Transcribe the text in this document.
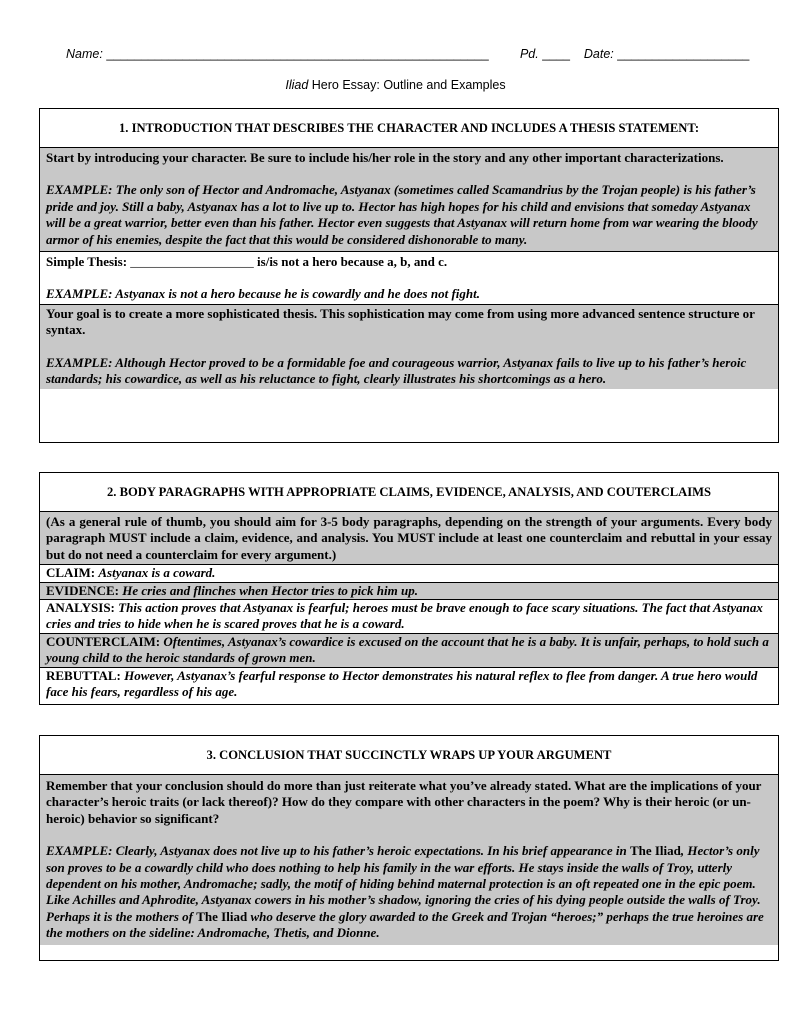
Name: _______________________________________________________	Pd. ____ Date: ___________________
Iliad Hero Essay: Outline and Examples
1. INTRODUCTION THAT DESCRIBES THE CHARACTER AND INCLUDES A THESIS STATEMENT:
Start by introducing your character. Be sure to include his/her role in the story and any other important characterizations.
EXAMPLE: The only son of Hector and Andromache, Astyanax (sometimes called Scamandrius by the Trojan people) is his father’s pride and joy. Still a baby, Astyanax has a lot to live up to. Hector has high hopes for his child and envisions that someday Astyanax will be a great warrior, better even than his father. Hector even suggests that Astyanax will return home from war wearing the bloody armor of his enemies, despite the fact that this would be considered dishonorable to many.
Simple Thesis: ___________________ is/is not a hero because a, b, and c.
EXAMPLE: Astyanax is not a hero because he is cowardly and he does not fight.
Your goal is to create a more sophisticated thesis. This sophistication may come from using more advanced sentence structure or syntax.
EXAMPLE: Although Hector proved to be a formidable foe and courageous warrior, Astyanax fails to live up to his father’s heroic standards; his cowardice, as well as his reluctance to fight, clearly illustrates his shortcomings as a hero.
2. BODY PARAGRAPHS WITH APPROPRIATE CLAIMS, EVIDENCE, ANALYSIS, AND COUTERCLAIMS
(As a general rule of thumb, you should aim for 3-5 body paragraphs, depending on the strength of your arguments. Every body paragraph MUST include a claim, evidence, and analysis. You MUST include at least one counterclaim and rebuttal in your essay but do not need a counterclaim for every argument.)
CLAIM: Astyanax is a coward.
EVIDENCE: He cries and flinches when Hector tries to pick him up.
ANALYSIS: This action proves that Astyanax is fearful; heroes must be brave enough to face scary situations. The fact that Astyanax cries and tries to hide when he is scared proves that he is a coward.
COUNTERCLAIM: Oftentimes, Astyanax’s cowardice is excused on the account that he is a baby. It is unfair, perhaps, to hold such a young child to the heroic standards of grown men.
REBUTTAL: However, Astyanax’s fearful response to Hector demonstrates his natural reflex to flee from danger. A true hero would face his fears, regardless of his age.
3. CONCLUSION THAT SUCCINCTLY WRAPS UP YOUR ARGUMENT
Remember that your conclusion should do more than just reiterate what you’ve already stated. What are the implications of your character’s heroic traits (or lack thereof)? How do they compare with other characters in the poem? Why is their heroic (or un-heroic) behavior so significant?
EXAMPLE: Clearly, Astyanax does not live up to his father’s heroic expectations. In his brief appearance in The Iliad, Hector’s only son proves to be a cowardly child who does nothing to help his family in the war efforts. He stays inside the walls of Troy, utterly dependent on his mother, Andromache; sadly, the motif of hiding behind maternal protection is an oft repeated one in the epic poem. Like Achilles and Aphrodite, Astyanax cowers in his mother’s shadow, ignoring the cries of his dying people outside the walls of Troy. Perhaps it is the mothers of The Iliad who deserve the glory awarded to the Greek and Trojan “heroes;” perhaps the true heroines are the mothers on the sideline: Andromache, Thetis, and Dionne.
